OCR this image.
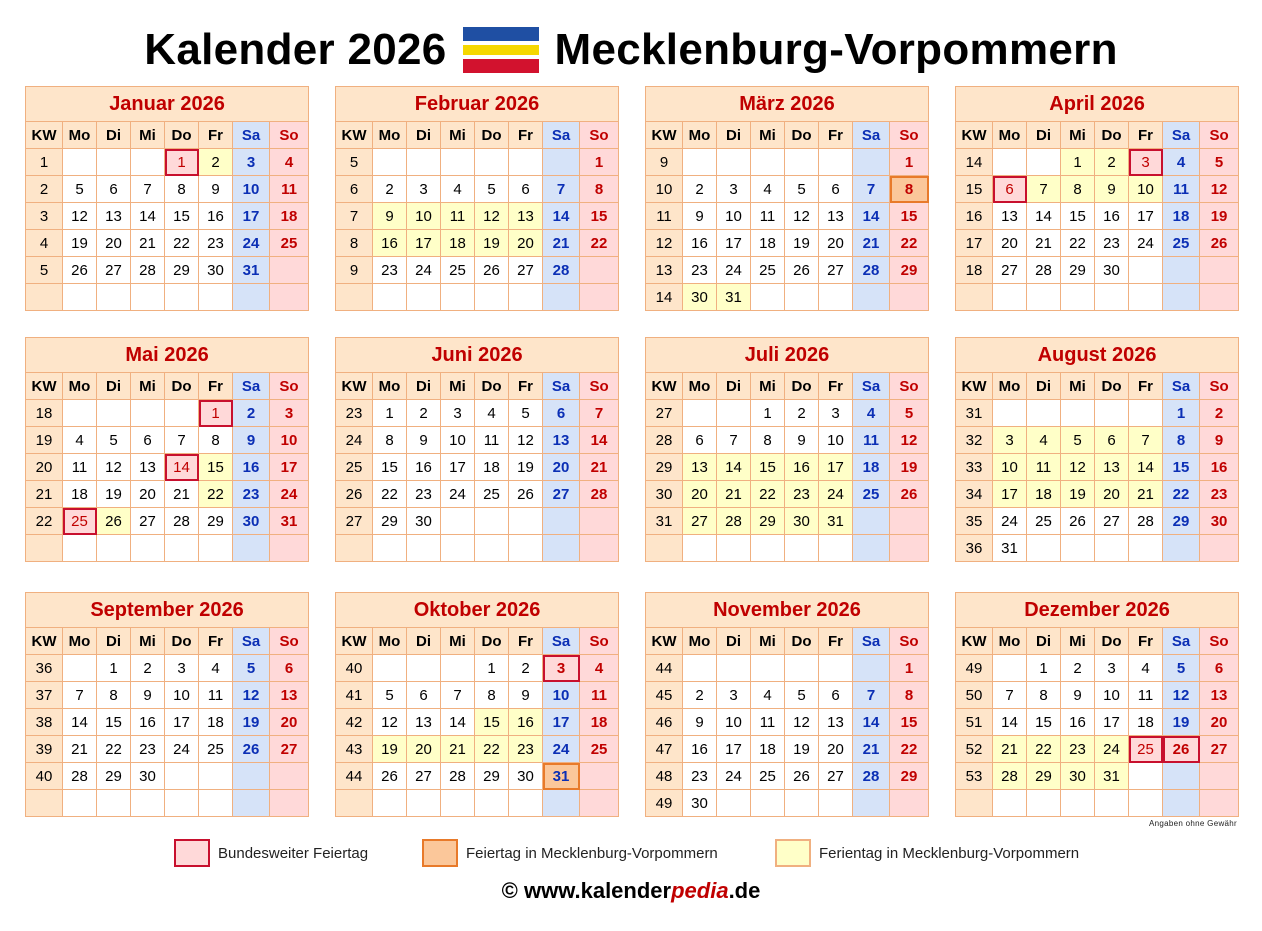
Kalender 2026 Mecklenburg-Vorpommern
Januar 2026							
KW	Mo	Di	Mi	Do	Fr	Sa	So
1				1	2	3	4
2	5	6	7	8	9	10	11
3	12	13	14	15	16	17	18
4	19	20	21	22	23	24	25
5	26	27	28	29	30	31	

Februar 2026							
KW	Mo	Di	Mi	Do	Fr	Sa	So
5							1
6	2	3	4	5	6	7	8
7	9	10	11	12	13	14	15
8	16	17	18	19	20	21	22
9	23	24	25	26	27	28	

März 2026							
KW	Mo	Di	Mi	Do	Fr	Sa	So
9							1
10	2	3	4	5	6	7	8
11	9	10	11	12	13	14	15
12	16	17	18	19	20	21	22
13	23	24	25	26	27	28	29
14	30	31					
April 2026							
KW	Mo	Di	Mi	Do	Fr	Sa	So
14			1	2	3	4	5
15	6	7	8	9	10	11	12
16	13	14	15	16	17	18	19
17	20	21	22	23	24	25	26
18	27	28	29	30			

Mai 2026							
KW	Mo	Di	Mi	Do	Fr	Sa	So
18					1	2	3
19	4	5	6	7	8	9	10
20	11	12	13	14	15	16	17
21	18	19	20	21	22	23	24
22	25	26	27	28	29	30	31

Juni 2026							
KW	Mo	Di	Mi	Do	Fr	Sa	So
23	1	2	3	4	5	6	7
24	8	9	10	11	12	13	14
25	15	16	17	18	19	20	21
26	22	23	24	25	26	27	28
27	29	30					

Juli 2026							
KW	Mo	Di	Mi	Do	Fr	Sa	So
27			1	2	3	4	5
28	6	7	8	9	10	11	12
29	13	14	15	16	17	18	19
30	20	21	22	23	24	25	26
31	27	28	29	30	31		

August 2026							
KW	Mo	Di	Mi	Do	Fr	Sa	So
31						1	2
32	3	4	5	6	7	8	9
33	10	11	12	13	14	15	16
34	17	18	19	20	21	22	23
35	24	25	26	27	28	29	30
36	31						
September 2026							
KW	Mo	Di	Mi	Do	Fr	Sa	So
36		1	2	3	4	5	6
37	7	8	9	10	11	12	13
38	14	15	16	17	18	19	20
39	21	22	23	24	25	26	27
40	28	29	30				

Oktober 2026							
KW	Mo	Di	Mi	Do	Fr	Sa	So
40				1	2	3	4
41	5	6	7	8	9	10	11
42	12	13	14	15	16	17	18
43	19	20	21	22	23	24	25
44	26	27	28	29	30	31	

November 2026							
KW	Mo	Di	Mi	Do	Fr	Sa	So
44							1
45	2	3	4	5	6	7	8
46	9	10	11	12	13	14	15
47	16	17	18	19	20	21	22
48	23	24	25	26	27	28	29
49	30						
Dezember 2026							
KW	Mo	Di	Mi	Do	Fr	Sa	So
49		1	2	3	4	5	6
50	7	8	9	10	11	12	13
51	14	15	16	17	18	19	20
52	21	22	23	24	25	26	27
53	28	29	30	31			

Angaben ohne Gewähr
Bundesweiter Feiertag	Feiertag in Mecklenburg-Vorpommern	Ferientag in Mecklenburg-Vorpommern
© www.kalenderpedia.de
